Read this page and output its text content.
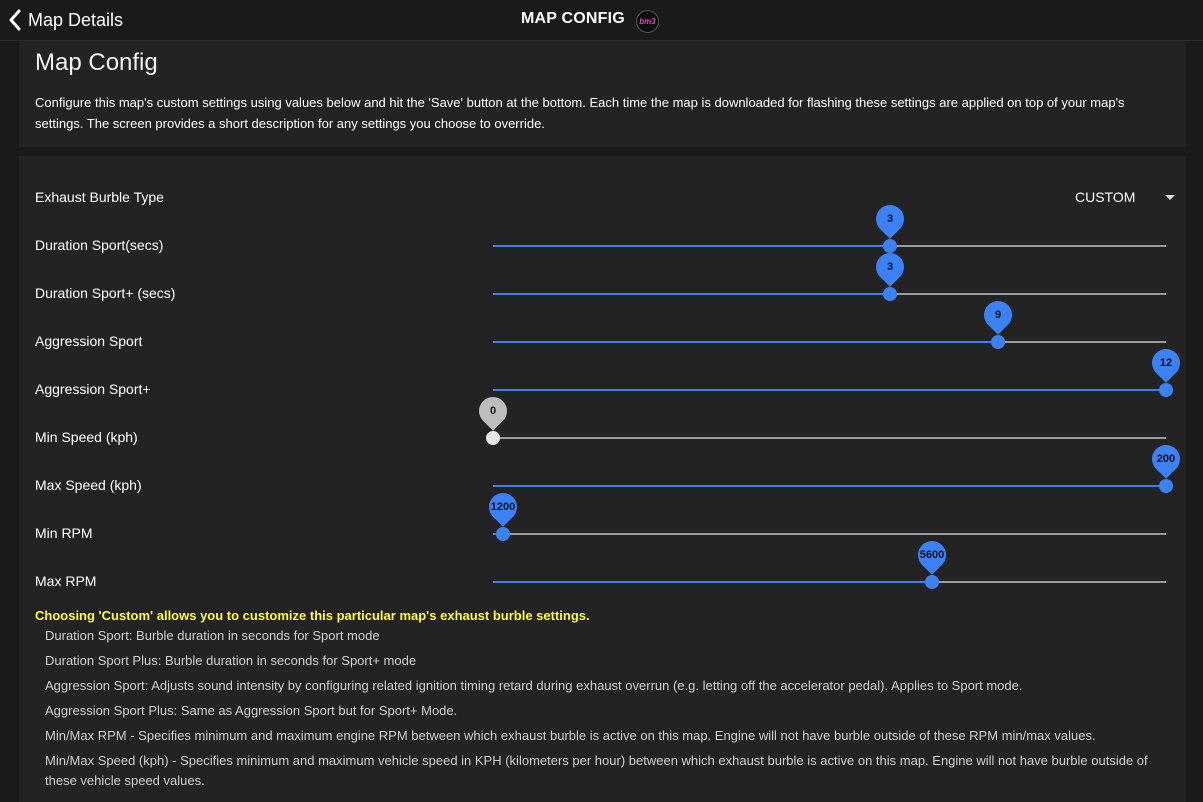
Map Details	MAP CONFIG bm3
Map Config
Configure this map's custom settings using values below and hit the 'Save' button at the bottom. Each time the map is downloaded for flashing these settings are applied on top of your map's settings. The screen provides a short description for any settings you choose to override.
Exhaust Burble Type	CUSTOM
Duration Sport(secs)
3
Duration Sport+ (secs)
3
Aggression Sport
9
Aggression Sport+
12
Min Speed (kph)
0
Max Speed (kph)
200
Min RPM
1200
Max RPM
5600
Choosing 'Custom' allows you to customize this particular map's exhaust burble settings.
Duration Sport: Burble duration in seconds for Sport mode
Duration Sport Plus: Burble duration in seconds for Sport+ mode
Aggression Sport: Adjusts sound intensity by configuring related ignition timing retard during exhaust overrun (e.g. letting off the accelerator pedal). Applies to Sport mode.
Aggression Sport Plus: Same as Aggression Sport but for Sport+ Mode.
Min/Max RPM - Specifies minimum and maximum engine RPM between which exhaust burble is active on this map. Engine will not have burble outside of these RPM min/max values.
Min/Max Speed (kph) - Specifies minimum and maximum vehicle speed in KPH (kilometers per hour) between which exhaust burble is active on this map. Engine will not have burble outside of these vehicle speed values.
